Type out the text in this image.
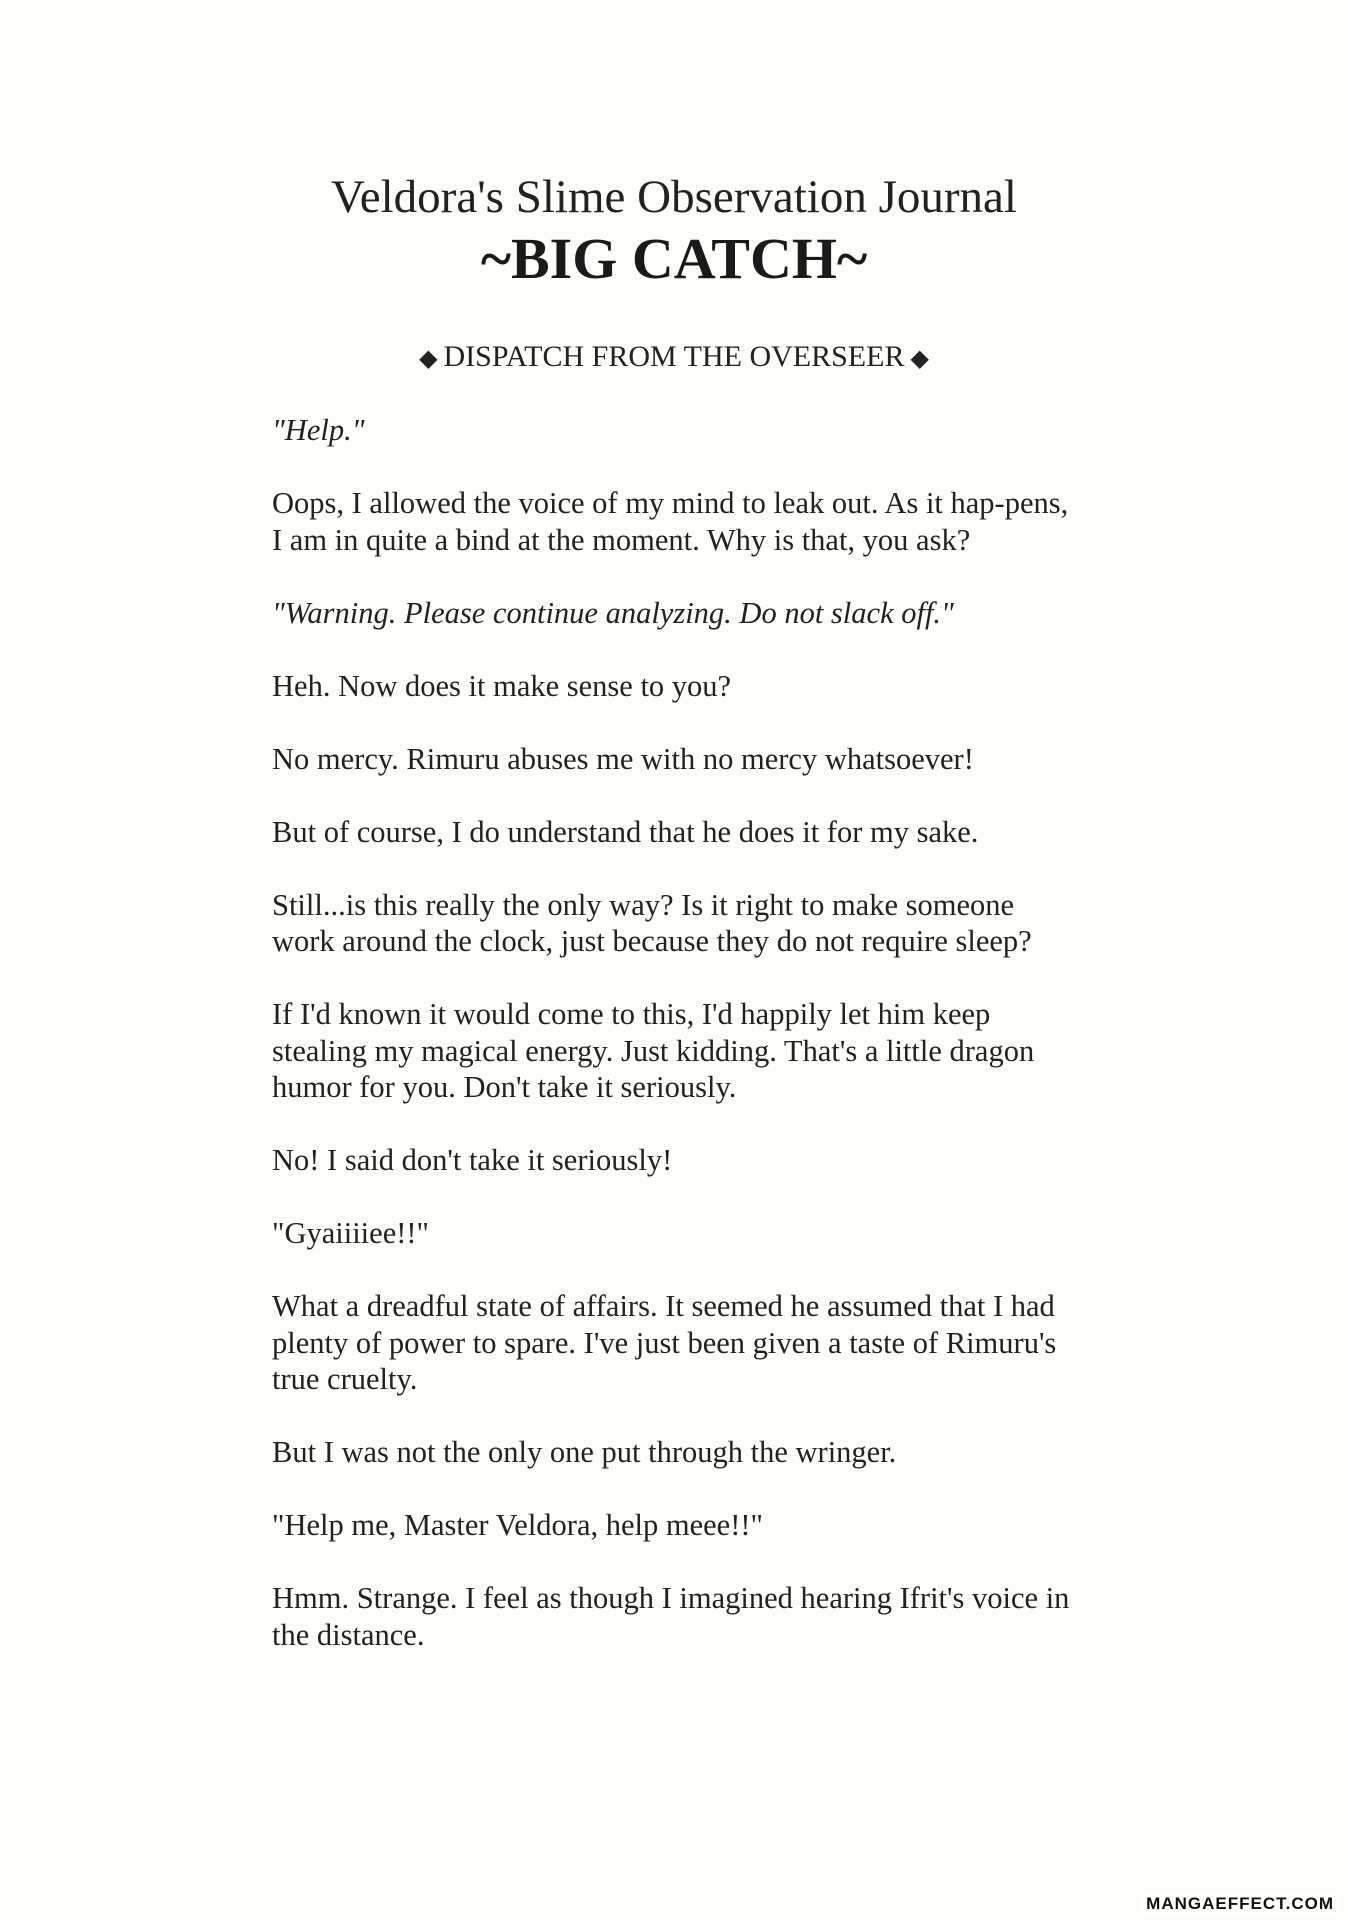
Veldora's Slime Observation Journal
~BIG CATCH~
◆ DISPATCH FROM THE OVERSEER ◆

"Help."

Oops, I allowed the voice of my mind to leak out. As it hap-pens, I am in quite a bind at the moment. Why is that, you ask?

"Warning. Please continue analyzing. Do not slack off."

Heh. Now does it make sense to you?

No mercy. Rimuru abuses me with no mercy whatsoever!

But of course, I do understand that he does it for my sake.

Still...is this really the only way? Is it right to make someone work around the clock, just because they do not require sleep?

If I'd known it would come to this, I'd happily let him keep stealing my magical energy. Just kidding. That's a little dragon humor for you. Don't take it seriously.

No! I said don't take it seriously!

"Gyaiiiiee!!"

What a dreadful state of affairs. It seemed he assumed that I had plenty of power to spare. I've just been given a taste of Rimuru's true cruelty.

But I was not the only one put through the wringer.

"Help me, Master Veldora, help meee!!"

Hmm. Strange. I feel as though I imagined hearing Ifrit's voice in the distance.

MANGAEFFECT.COM
